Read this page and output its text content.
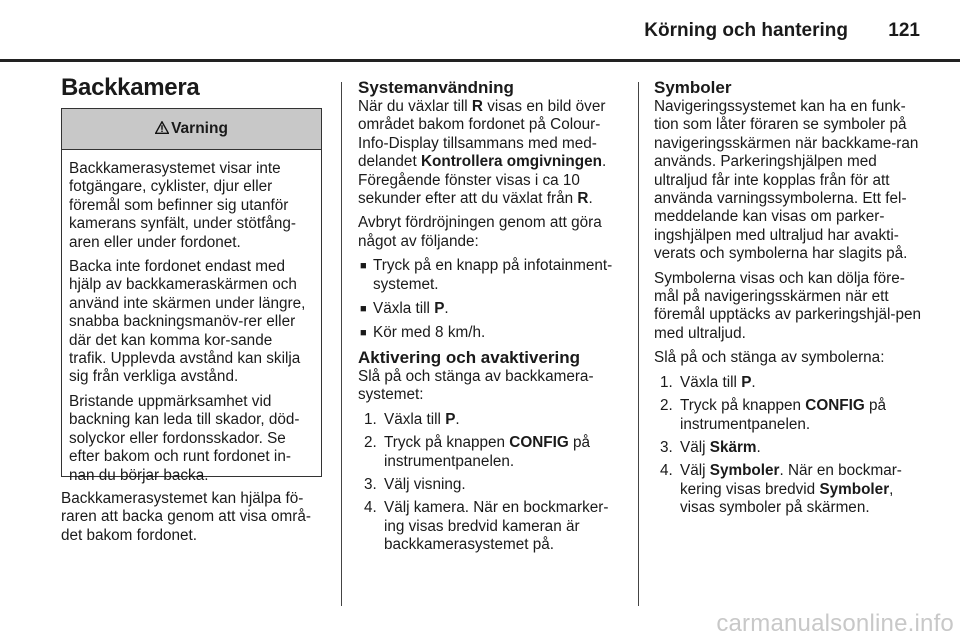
Körning och hantering 121
Backkamera
Varning

Backkamerasystemet visar inte fotgängare, cyklister, djur eller föremål som befinner sig utanför kamerans synfält, under stötfång-aren eller under fordonet.

Backa inte fordonet endast med hjälp av backkameraskärmen och använd inte skärmen under längre, snabba backningsmanöv-rer eller där det kan komma kor-sande trafik. Upplevda avstånd kan skilja sig från verkliga avstånd.

Bristande uppmärksamhet vid backning kan leda till skador, död-solyckor eller fordonsskador. Se efter bakom och runt fordonet in-nan du börjar backa.

Backkamerasystemet kan hjälpa fö-raren att backa genom att visa områ-det bakom fordonet.
Systemanvändning

När du växlar till R visas en bild över området bakom fordonet på Colour-Info-Display tillsammans med med-delandet Kontrollera omgivningen.
Föregående fönster visas i ca 10 sekunder efter att du växlat från R.

Avbryt fördröjningen genom att göra något av följande:

■ Tryck på en knapp på infotainment-systemet.
■ Växla till P.
■ Kör med 8 km/h.
Aktivering och avaktivering

Slå på och stänga av backkamera-systemet:

1. Växla till P.
2. Tryck på knappen CONFIG på instrumentpanelen.
3. Välj visning.
4. Välj kamera. När en bockmarker-ing visas bredvid kameran är backkamerasystemet på.
Symboler

Navigeringssystemet kan ha en funk-tion som låter föraren se symboler på navigeringsskärmen när backkame-ran används. Parkeringshjälpen med ultraljud får inte kopplas från för att använda varningssymbolerna. Ett fel-meddelande kan visas om parker-ingshjälpen med ultraljud har avakti-verats och symbolerna har slagits på.

Symbolerna visas och kan dölja före-mål på navigeringsskärmen när ett föremål upptäcks av parkeringshjäl-pen med ultraljud.

Slå på och stänga av symbolerna:

1. Växla till P.
2. Tryck på knappen CONFIG på instrumentpanelen.
3. Välj Skärm.
4. Välj Symboler. När en bockmar-kering visas bredvid Symboler, visas symboler på skärmen.
carmanualsonline.info
